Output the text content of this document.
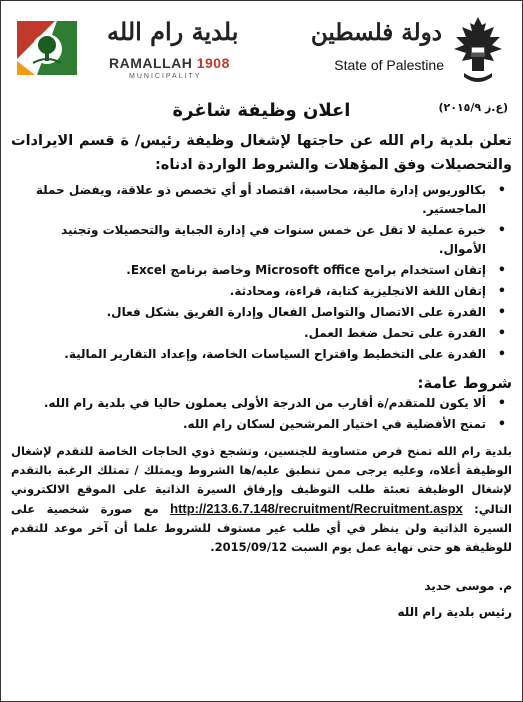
دولة فلسطين
State of Palestine
بلدية رام الله
RAMALLAH 1908
MUNICIPALITY
(ع.ز ٢٠١٥/٩)
اعلان وظيفة شاغرة
تعلن بلدية رام الله عن حاجتها لإشغال وظيفة رئيس/ ة قسم الايرادات والتحصيلات وفق المؤهلات والشروط الواردة ادناه:
• بكالوريوس إدارة مالية، محاسبة، اقتصاد أو أي تخصص ذو علاقة، ويفضل حملة الماجستير.
• خبرة عملية لا تقل عن خمس سنوات في إدارة الجباية والتحصيلات وتجنيد الأموال.
• إتقان استخدام برامج Microsoft office وخاصة برنامج Excel.
• إتقان اللغة الانجليزية كتابة، قراءة، ومحادثة.
• القدرة على الاتصال والتواصل الفعال وإدارة الفريق بشكل فعال.
• القدرة على تحمل ضغط العمل.
• القدرة على التخطيط واقتراح السياسات الخاصة، وإعداد التقارير المالية.
شروط عامة:
• ألا يكون للمتقدم/ة أقارب من الدرجة الأولى يعملون حاليا في بلدية رام الله.
• تمنح الأفضلية في اختيار المرشحين لسكان رام الله.
بلدية رام الله تمنح فرص متساوية للجنسين، وتشجع ذوي الحاجات الخاصة للتقدم لإشغال الوظيفة أعلاه، وعليه يرجى ممن تنطبق عليه/ها الشروط ويمتلك / تمتلك الرغبة بالتقدم لإشغال الوظيفة تعبئة طلب التوظيف وإرفاق السيرة الذاتية على الموقع الالكتروني التالي: http://213.6.7.148/recruitment/Recruitment.aspx مع صورة شخصية على السيرة الذاتية ولن ينظر في أي طلب غير مستوف للشروط علما أن آخر موعد للتقدم للوظيفة هو حتى نهاية عمل يوم السبت 2015/09/12.
م. موسى حديد
رئيس بلدية رام الله
